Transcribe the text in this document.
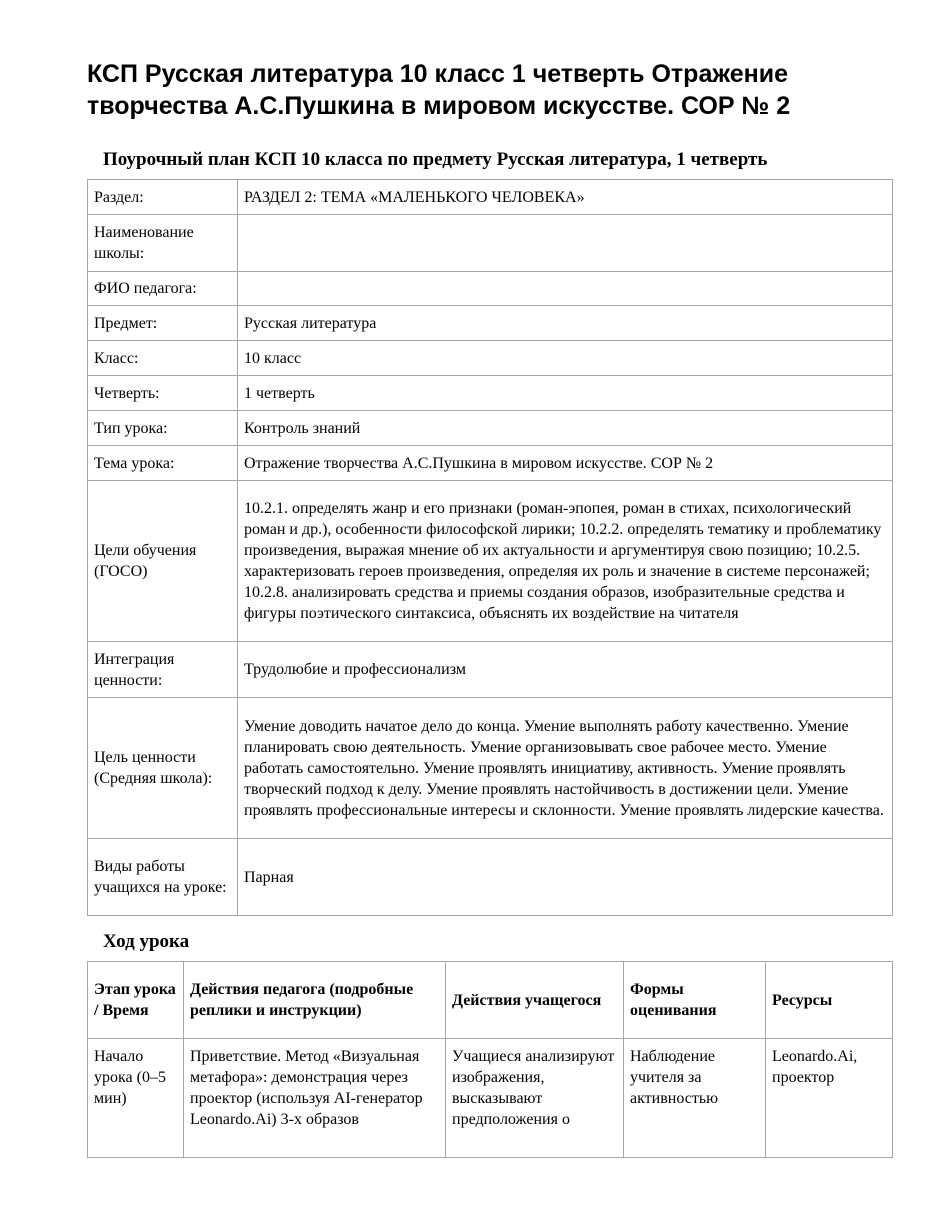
КСП Русская литература 10 класс 1 четверть Отражение творчества А.С.Пушкина в мировом искусстве. СОР № 2
Поурочный план КСП 10 класса по предмету Русская литература, 1 четверть
Раздел:	РАЗДЕЛ 2: ТЕМА «МАЛЕНЬКОГО ЧЕЛОВЕКА»
Наименование школы:	
ФИО педагога:	
Предмет:	Русская литература
Класс:	10 класс
Четверть:	1 четверть
Тип урока:	Контроль знаний
Тема урока:	Отражение творчества А.С.Пушкина в мировом искусстве. СОР № 2
Цели обучения (ГОСО)	10.2.1. определять жанр и его признаки (роман-эпопея, роман в стихах, психологический роман и др.), особенности философской лирики; 10.2.2. определять тематику и проблематику произведения, выражая мнение об их актуальности и аргументируя свою позицию; 10.2.5. характеризовать героев произведения, определяя их роль и значение в системе персонажей; 10.2.8. анализировать средства и приемы создания образов, изобразительные средства и фигуры поэтического синтаксиса, объяснять их воздействие на читателя
Интеграция ценности:	Трудолюбие и профессионализм
Цель ценности (Средняя школа):	Умение доводить начатое дело до конца. Умение выполнять работу качественно. Умение планировать свою деятельность. Умение организовывать свое рабочее место. Умение работать самостоятельно. Умение проявлять инициативу, активность. Умение проявлять творческий подход к делу. Умение проявлять настойчивость в достижении цели. Умение проявлять профессиональные интересы и склонности. Умение проявлять лидерские качества.
Виды работы учащихся на уроке:	Парная
Ход урока
Этап урока / Время	Действия педагога (подробные реплики и инструкции)	Действия учащегося	Формы оценивания	Ресурсы
Начало урока (0–5 мин)	Приветствие. Метод «Визуальная метафора»: демонстрация через проектор (используя AI-генератор Leonardo.Ai) 3-х образов	Учащиеся анализируют изображения, высказывают предположения о	Наблюдение учителя за активностью	Leonardo.Ai, проектор
